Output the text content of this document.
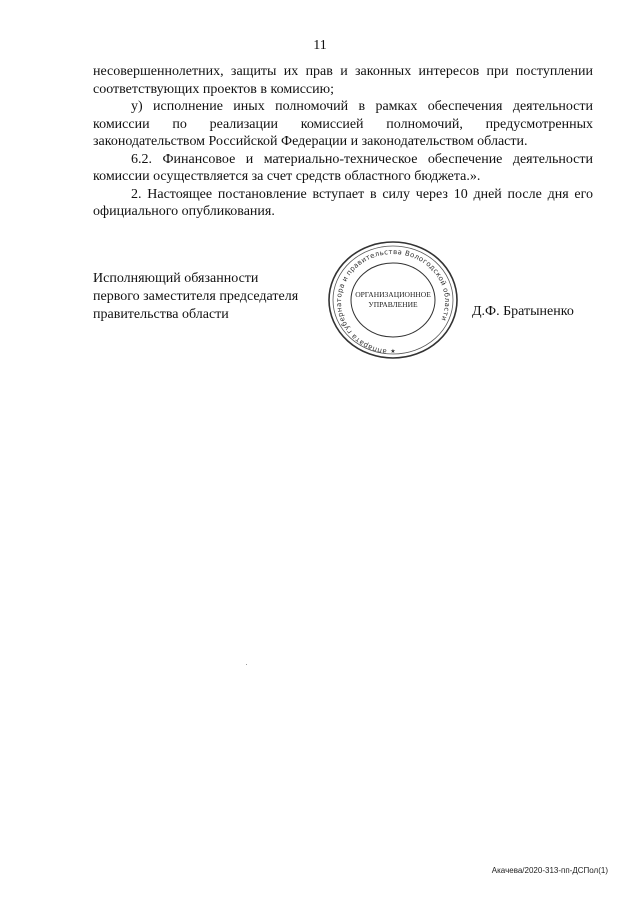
11

несовершеннолетних, защиты их прав и законных интересов при поступлении соответствующих проектов в комиссию;

у) исполнение иных полномочий в рамках обеспечения деятельности комиссии по реализации комиссией полномочий, предусмотренных законодательством Российской Федерации и законодательством области.

6.2. Финансовое и материально-техническое обеспечение деятельности комиссии осуществляется за счет средств областного бюджета.».

2. Настоящее постановление вступает в силу через 10 дней после дня его официального опубликования.

Исполняющий обязанности
первого заместителя председателя
правительства области
аппарата губернатора и правительства Вологодской области
ОРГАНИЗАЦИОННОЕ
УПРАВЛЕНИЕ
★
Д.Ф. Братыненко
Акачева/2020-313-пп-ДСПол(1)
